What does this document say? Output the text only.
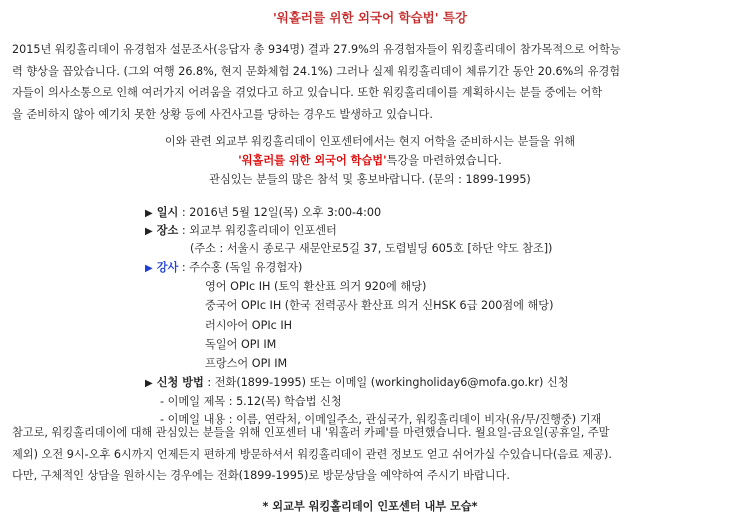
'워홀러를 위한 외국어 학습법' 특강
2015년 워킹홀리데이 유경험자 설문조사(응답자 총 934명) 결과 27.9%의 유경험자들이 워킹홀리데이 참가목적으로 어학능
력 향상을 꼽았습니다. (그외 여행 26.8%, 현지 문화체험 24.1%) 그러나 실제 워킹홀리데이 체류기간 동안 20.6%의 유경험
자들이 의사소통으로 인해 여러가지 어려움을 겪었다고 하고 있습니다. 또한 워킹홀리데이를 계획하시는 분들 중에는 어학
을 준비하지 않아 예기치 못한 상황 등에 사건사고를 당하는 경우도 발생하고 있습니다.
이와 관련 외교부 워킹홀리데이 인포센터에서는 현지 어학을 준비하시는 분들을 위해
'워홀러를 위한 외국어 학습법'특강을 마련하였습니다.
관심있는 분들의 많은 참석 및 홍보바랍니다. (문의 : 1899-1995)
▶ 일시 : 2016년 5월 12일(목) 오후 3:00-4:00
▶ 장소 : 외교부 워킹홀리데이 인포센터
(주소 : 서울시 종로구 새문안로5길 37, 도렴빌딩 605호 [하단 약도 참조])
▶ 강사 : 주수홍 (독일 유경험자)
영어 OPIc IH (토익 환산표 의거 920에 해당)
중국어 OPIc IH (한국 전력공사 환산표 의거 신HSK 6급 200점에 해당)
러시아어 OPIc IH
독일어 OPI IM
프랑스어 OPI IM
▶ 신청 방법 : 전화(1899-1995) 또는 이메일 (workingholiday6@mofa.go.kr) 신청
- 이메일 제목 : 5.12(목) 학습법 신청
- 이메일 내용 : 이름, 연락처, 이메일주소, 관심국가, 워킹홀리데이 비자(유/무/진행중) 기재
참고로, 워킹홀리데이에 대해 관심있는 분들을 위해 인포센터 내 '워홀러 카페'를 마련했습니다. 월요일-금요일(공휴일, 주말
제외) 오전 9시-오후 6시까지 언제든지 편하게 방문하셔서 워킹홀리데이 관련 정보도 얻고 쉬어가실 수있습니다(음료 제공).
다만, 구체적인 상담을 원하시는 경우에는 전화(1899-1995)로 방문상담을 예약하여 주시기 바랍니다.
* 외교부 워킹홀리데이 인포센터 내부 모습*
